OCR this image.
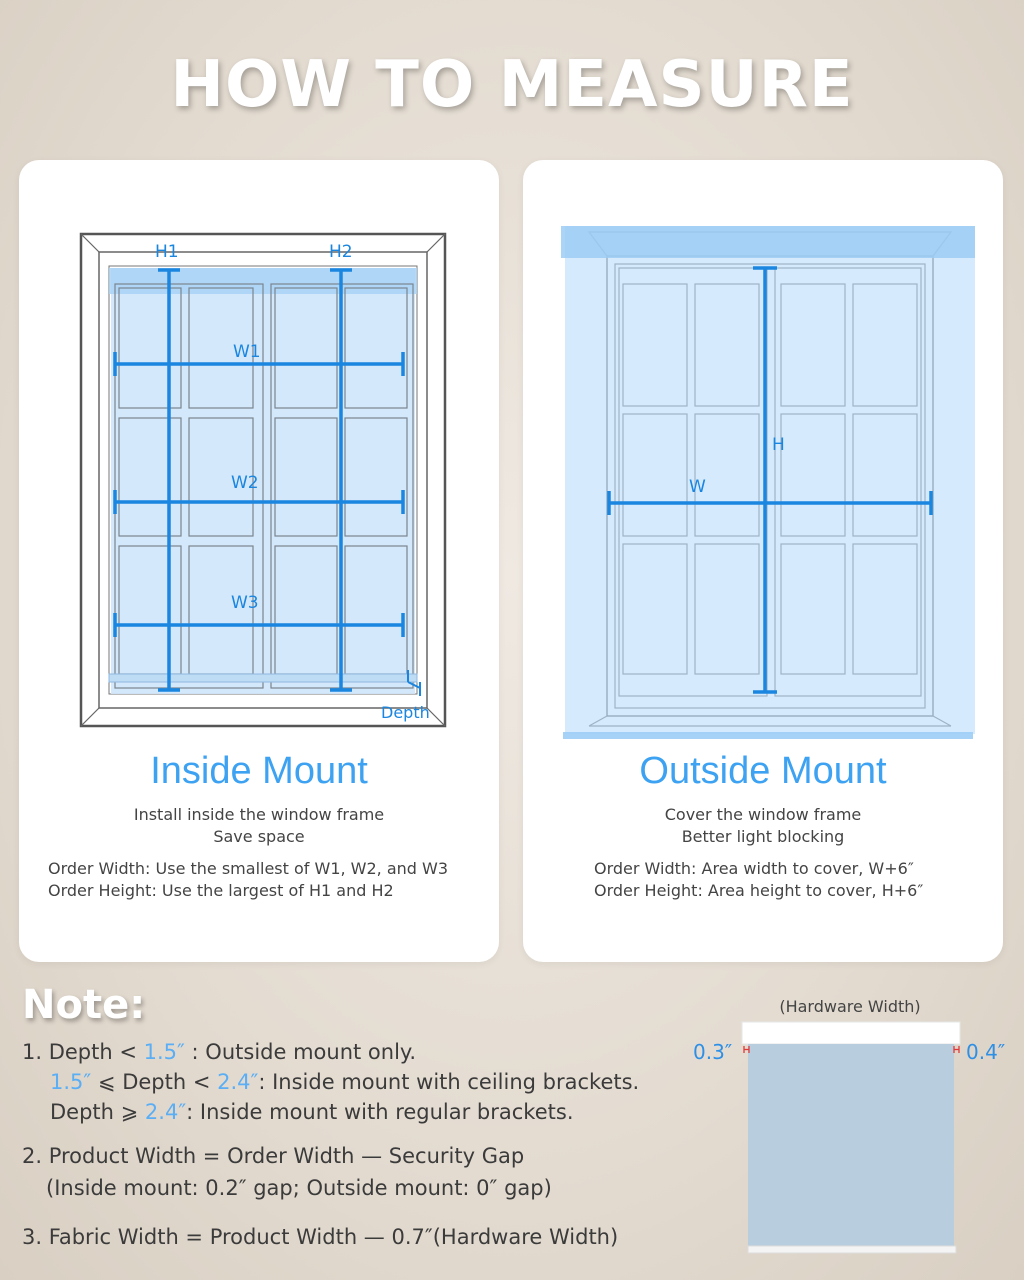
HOW TO MEASURE
H1	H2
W1
W2
W3
Depth
Inside Mount
Install inside the window frame
Save space
Order Width: Use the smallest of W1, W2, and W3
Order Height: Use the largest of H1 and H2
H
W
Outside Mount
Cover the window frame
Better light blocking
Order Width: Area width to cover, W+6″
Order Height: Area height to cover, H+6″
Note:
1. Depth < 1.5″ : Outside mount only.
1.5″ ⩽ Depth < 2.4″: Inside mount with ceiling brackets.
Depth ⩾ 2.4″: Inside mount with regular brackets.
2. Product Width = Order Width — Security Gap
(Inside mount: 0.2″ gap; Outside mount: 0″ gap)
3. Fabric Width = Product Width — 0.7″(Hardware Width)
(Hardware Width)
0.3″	0.4″
